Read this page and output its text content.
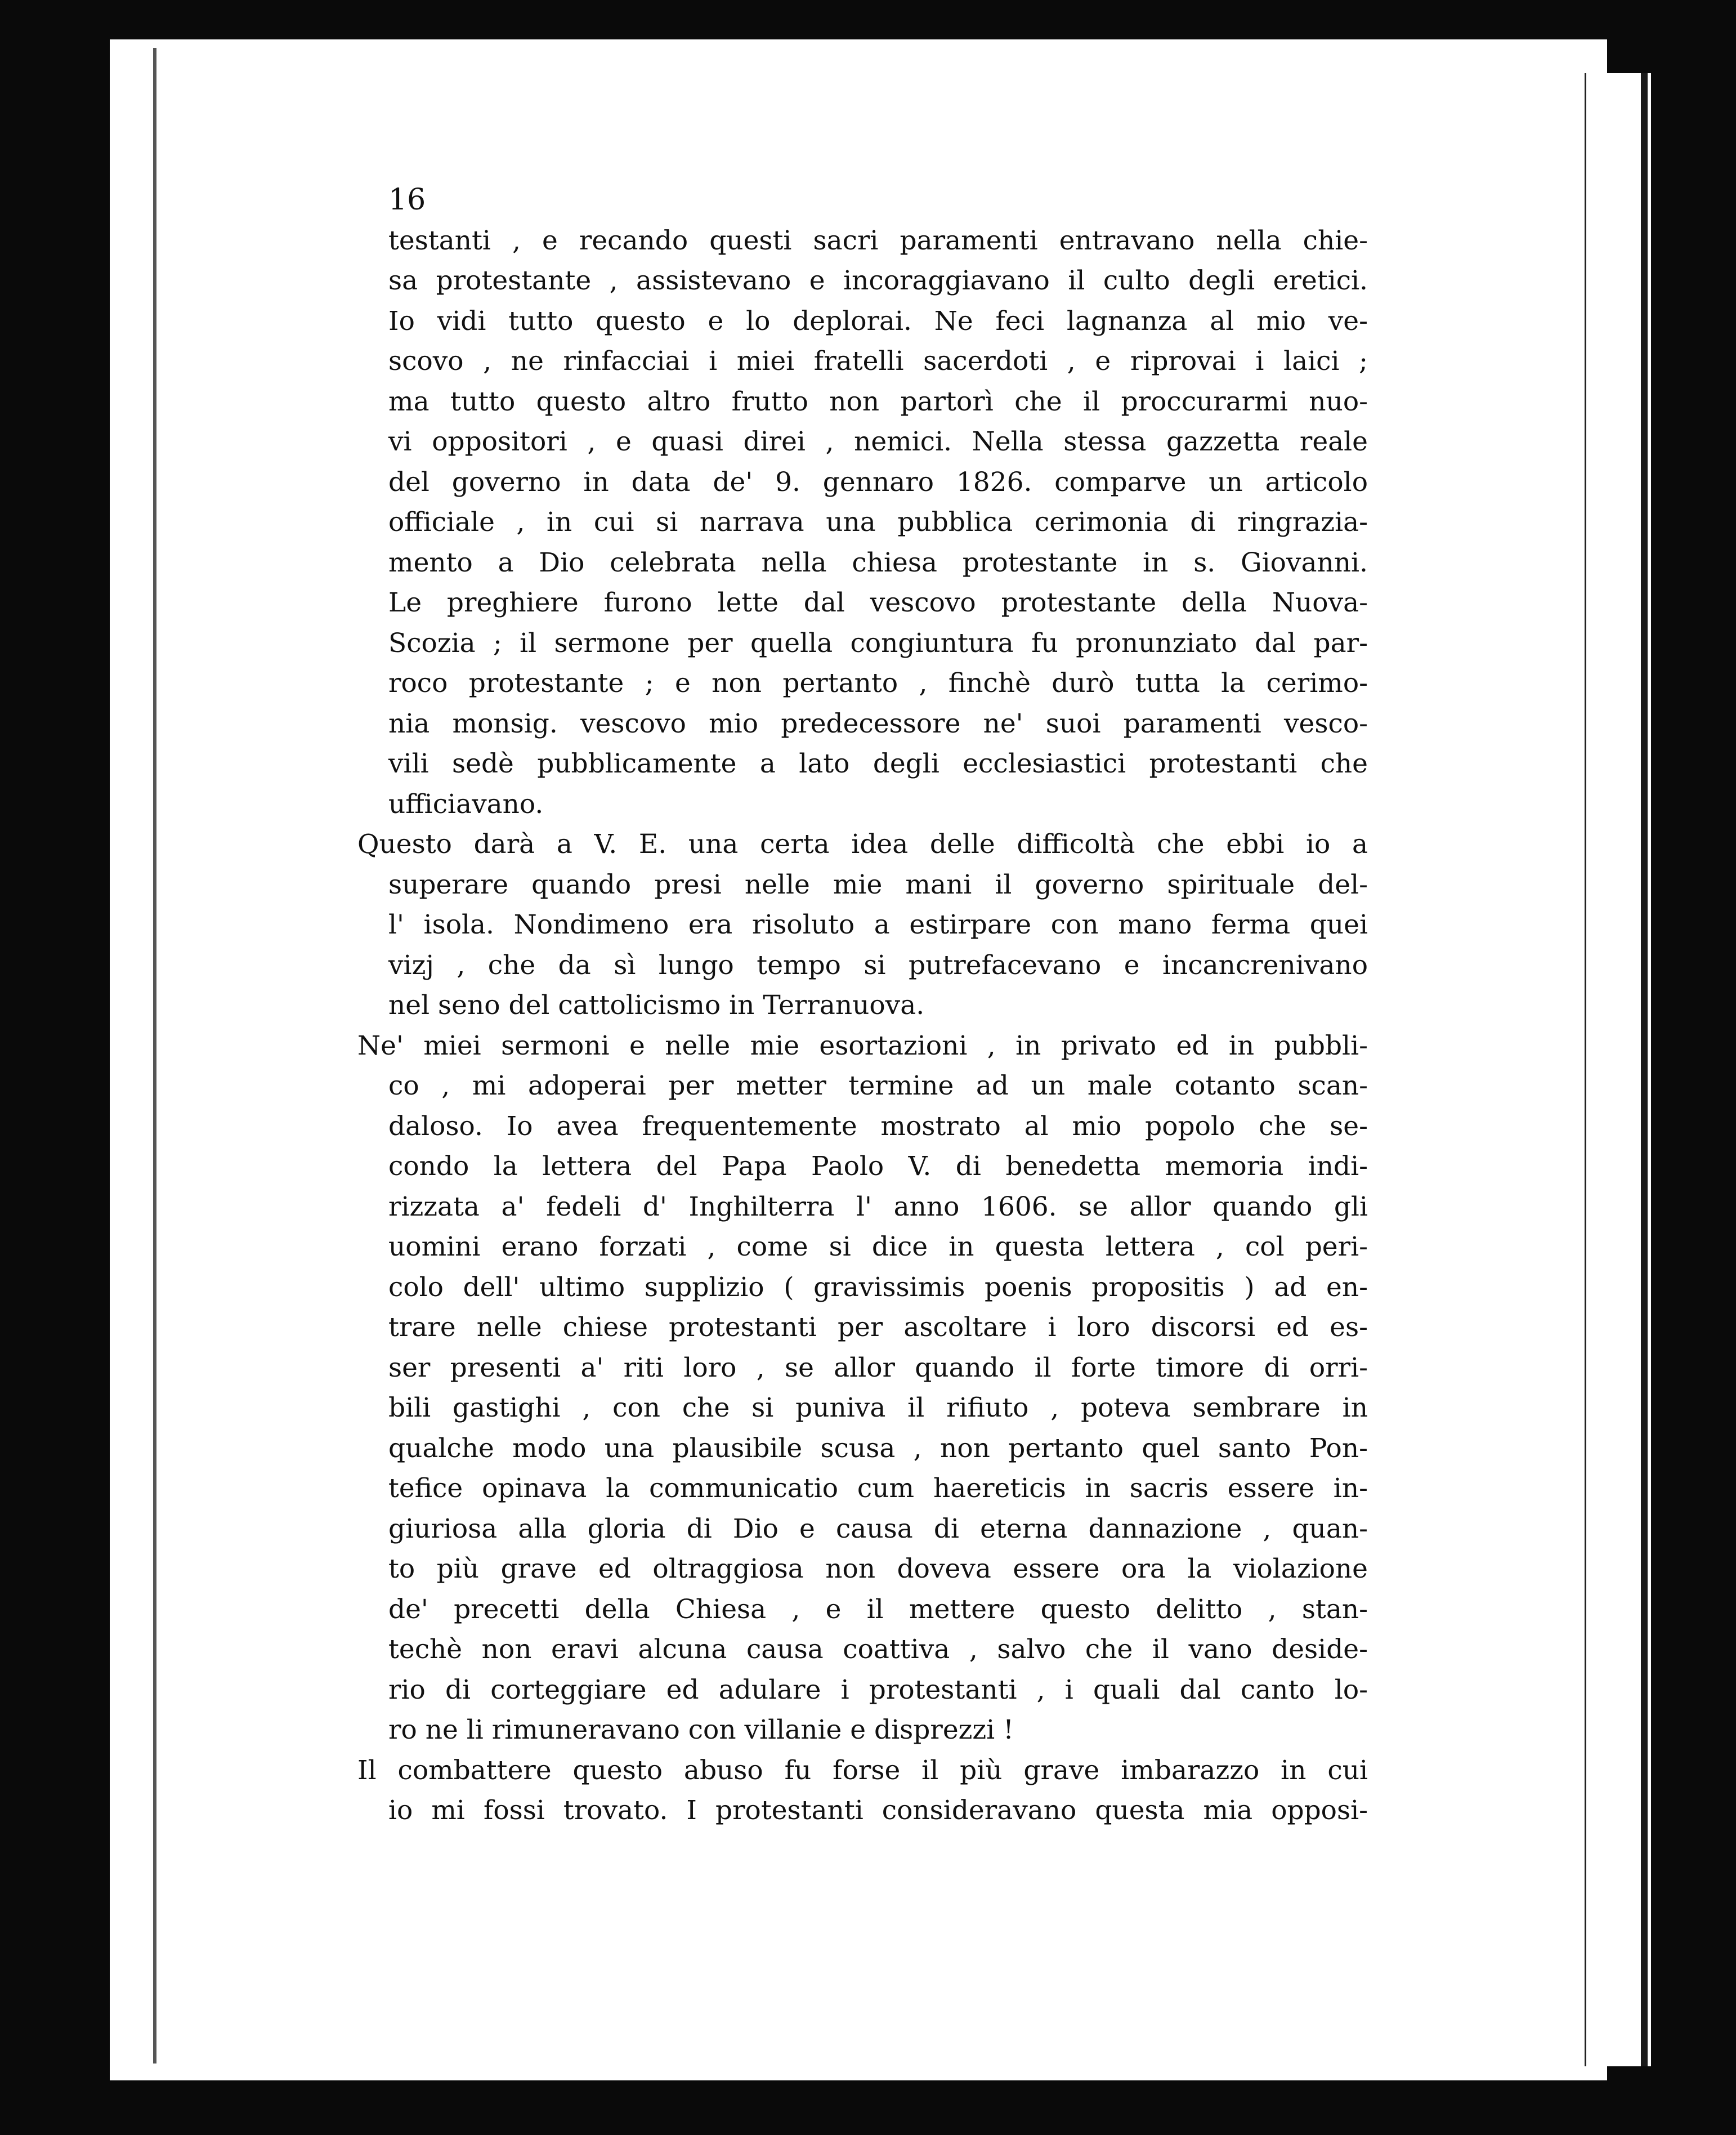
16
testanti , e recando questi sacri paramenti entravano nella chie-
sa protestante , assistevano e incoraggiavano il culto degli eretici.
Io vidi tutto questo e lo deplorai. Ne feci lagnanza al mio ve-
scovo , ne rinfacciai i miei fratelli sacerdoti , e riprovai i laici ;
ma tutto questo altro frutto non partorì che il proccurarmi nuo-
vi oppositori , e quasi direi , nemici. Nella stessa gazzetta reale
del governo in data de' 9. gennaro 1826. comparve un articolo
officiale , in cui si narrava una pubblica cerimonia di ringrazia-
mento a Dio celebrata nella chiesa protestante in s. Giovanni.
Le preghiere furono lette dal vescovo protestante della Nuova-
Scozia ; il sermone per quella congiuntura fu pronunziato dal par-
roco protestante ; e non pertanto , finchè durò tutta la cerimo-
nia monsig. vescovo mio predecessore ne' suoi paramenti vesco-
vili sedè pubblicamente a lato degli ecclesiastici protestanti che
ufficiavano.
Questo darà a V. E. una certa idea delle difficoltà che ebbi io a
superare quando presi nelle mie mani il governo spirituale del-
l' isola. Nondimeno era risoluto a estirpare con mano ferma quei
vizj , che da sì lungo tempo si putrefacevano e incancrenivano
nel seno del cattolicismo in Terranuova.
Ne' miei sermoni e nelle mie esortazioni , in privato ed in pubbli-
co , mi adoperai per metter termine ad un male cotanto scan-
daloso. Io avea frequentemente mostrato al mio popolo che se-
condo la lettera del Papa Paolo V. di benedetta memoria indi-
rizzata a' fedeli d' Inghilterra l' anno 1606. se allor quando gli
uomini erano forzati , come si dice in questa lettera , col peri-
colo dell' ultimo supplizio ( gravissimis poenis propositis ) ad en-
trare nelle chiese protestanti per ascoltare i loro discorsi ed es-
ser presenti a' riti loro , se allor quando il forte timore di orri-
bili gastighi , con che si puniva il rifiuto , poteva sembrare in
qualche modo una plausibile scusa , non pertanto quel santo Pon-
tefice opinava la communicatio cum haereticis in sacris essere in-
giuriosa alla gloria di Dio e causa di eterna dannazione , quan-
to più grave ed oltraggiosa non doveva essere ora la violazione
de' precetti della Chiesa , e il mettere questo delitto , stan-
techè non eravi alcuna causa coattiva , salvo che il vano deside-
rio di corteggiare ed adulare i protestanti , i quali dal canto lo-
ro ne li rimuneravano con villanie e disprezzi !
Il combattere questo abuso fu forse il più grave imbarazzo in cui
io mi fossi trovato. I protestanti consideravano questa mia opposi-
